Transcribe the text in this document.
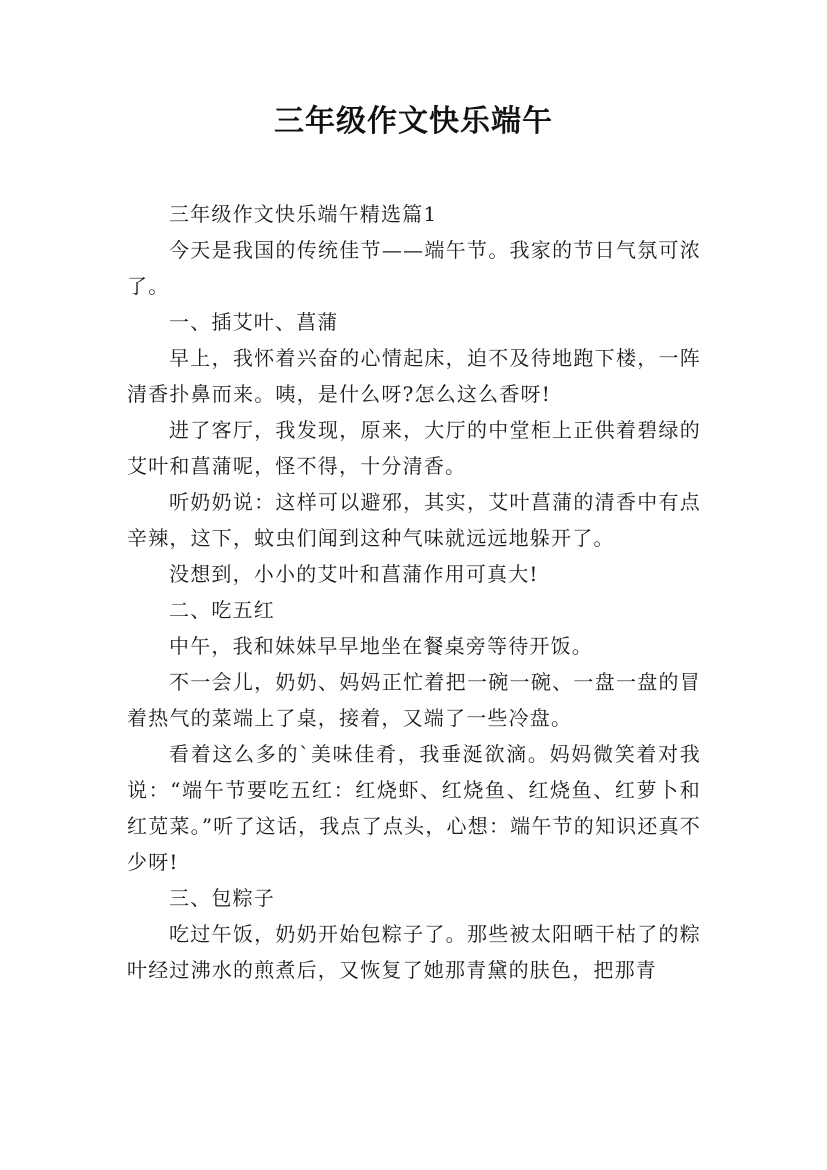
三年级作文快乐端午

三年级作文快乐端午精选篇1

今天是我国的传统佳节——端午节。我家的节日气氛可浓了。

一、插艾叶、菖蒲

早上，我怀着兴奋的心情起床，迫不及待地跑下楼，一阵清香扑鼻而来。咦，是什么呀?怎么这么香呀!

进了客厅，我发现，原来，大厅的中堂柜上正供着碧绿的艾叶和菖蒲呢，怪不得，十分清香。

听奶奶说：这样可以避邪，其实，艾叶菖蒲的清香中有点辛辣，这下，蚊虫们闻到这种气味就远远地躲开了。

没想到，小小的艾叶和菖蒲作用可真大!

二、吃五红

中午，我和妹妹早早地坐在餐桌旁等待开饭。

不一会儿，奶奶、妈妈正忙着把一碗一碗、一盘一盘的冒着热气的菜端上了桌，接着，又端了一些冷盘。

看着这么多的`美味佳肴，我垂涎欲滴。妈妈微笑着对我说：“端午节要吃五红：红烧虾、红烧鱼、红烧鱼、红萝卜和红苋菜。”听了这话，我点了点头，心想：端午节的知识还真不少呀!

三、包粽子

吃过午饭，奶奶开始包粽子了。那些被太阳晒干枯了的粽叶经过沸水的煎煮后，又恢复了她那青黛的肤色，把那青
